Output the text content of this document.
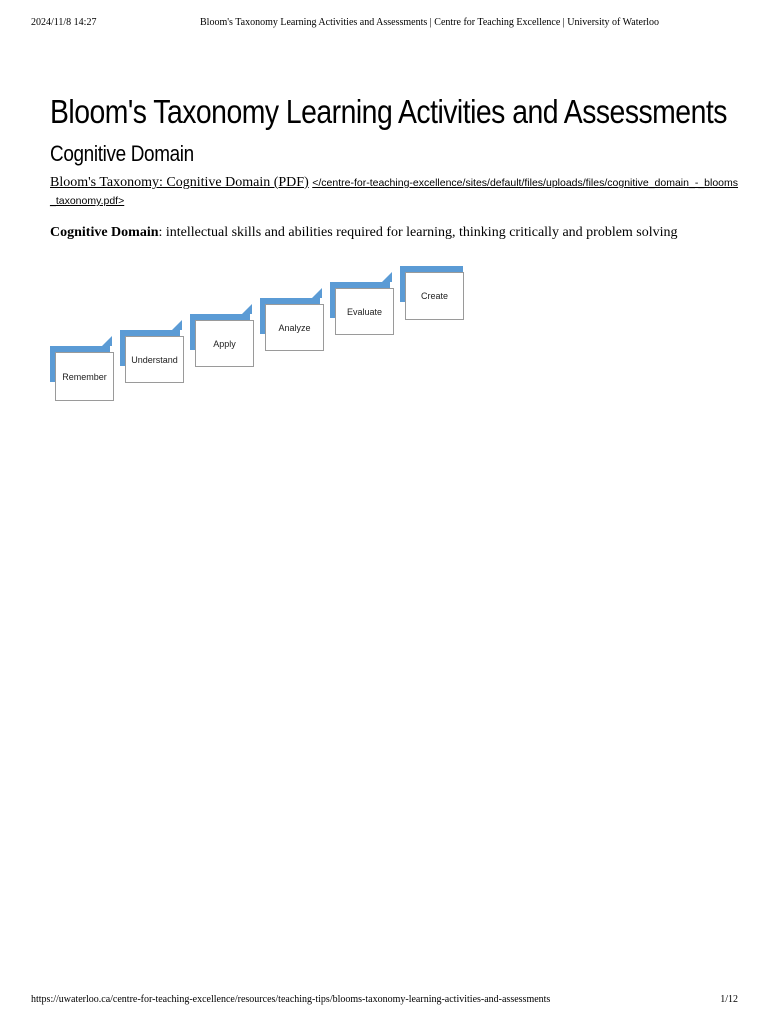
2024/11/8 14:27	Bloom's Taxonomy Learning Activities and Assessments | Centre for Teaching Excellence | University of Waterloo
Bloom's Taxonomy Learning Activities and Assessments
Cognitive Domain
Bloom's Taxonomy: Cognitive Domain (PDF) </centre-for-teaching-excellence/sites/default/files/uploads/files/cognitive_domain_-_blooms_taxonomy.pdf>
Cognitive Domain: intellectual skills and abilities required for learning, thinking critically and problem solving
Remember
Understand
Apply
Analyze
Evaluate
Create
https://uwaterloo.ca/centre-for-teaching-excellence/resources/teaching-tips/blooms-taxonomy-learning-activities-and-assessments	1/12
